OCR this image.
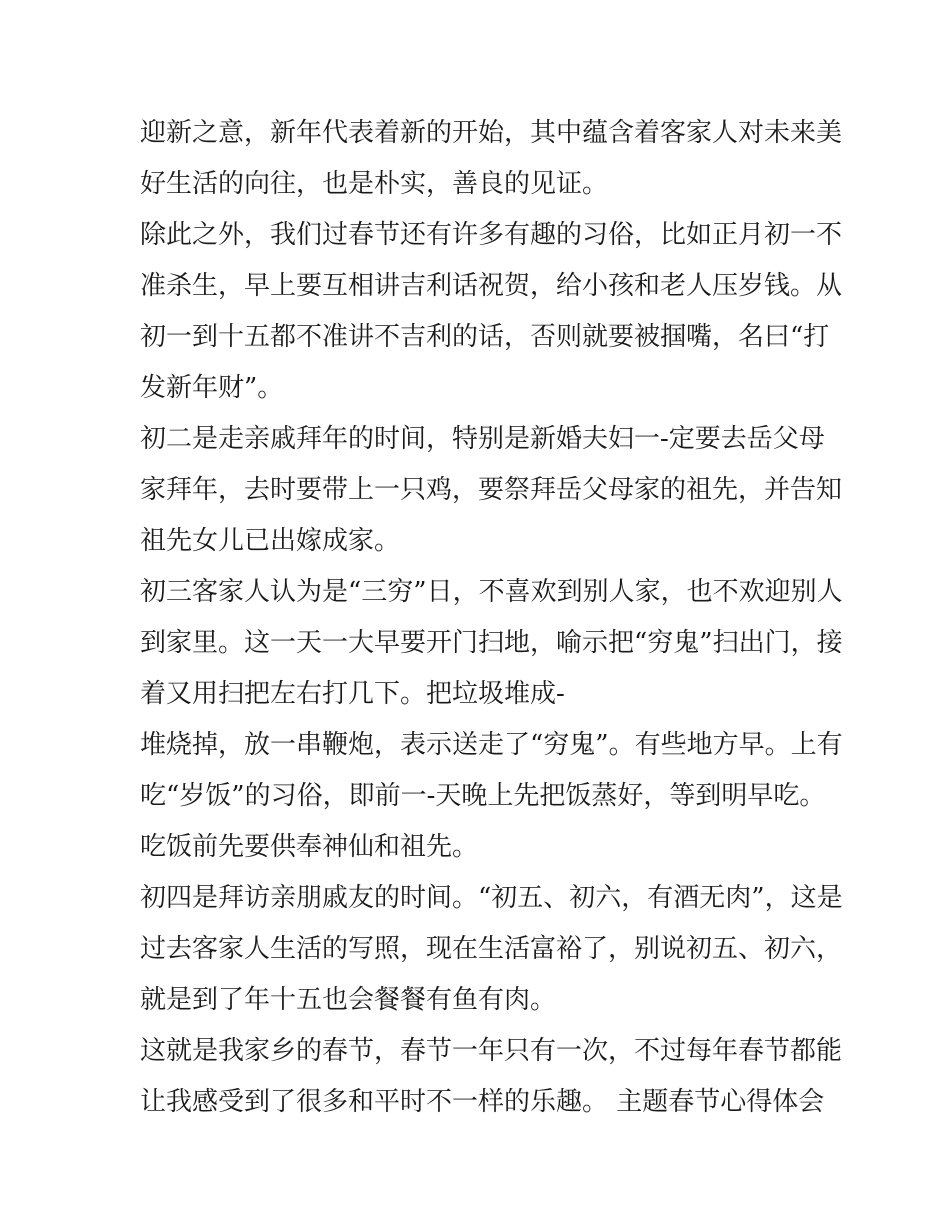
迎新之意，新年代表着新的开始，其中蕴含着客家人对未来美
好生活的向往，也是朴实，善良的见证。
除此之外，我们过春节还有许多有趣的习俗，比如正月初一不
准杀生，早上要互相讲吉利话祝贺，给小孩和老人压岁钱。从
初一到十五都不准讲不吉利的话，否则就要被掴嘴，名曰“打
发新年财”。
初二是走亲戚拜年的时间，特别是新婚夫妇一-定要去岳父母
家拜年，去时要带上一只鸡，要祭拜岳父母家的祖先，并告知
祖先女儿已出嫁成家。
初三客家人认为是“三穷”日，不喜欢到别人家，也不欢迎别人
到家里。这一天一大早要开门扫地，喻示把“穷鬼”扫出门，接
着又用扫把左右打几下。把垃圾堆成-
堆烧掉，放一串鞭炮，表示送走了“穷鬼”。有些地方早。上有
吃“岁饭”的习俗，即前一-天晚上先把饭蒸好，等到明早吃。
吃饭前先要供奉神仙和祖先。
初四是拜访亲朋戚友的时间。“初五、初六，有酒无肉”，这是
过去客家人生活的写照，现在生活富裕了，别说初五、初六，
就是到了年十五也会餐餐有鱼有肉。
这就是我家乡的春节，春节一年只有一次，不过每年春节都能
让我感受到了很多和平时不一样的乐趣。 主题春节心得体会
